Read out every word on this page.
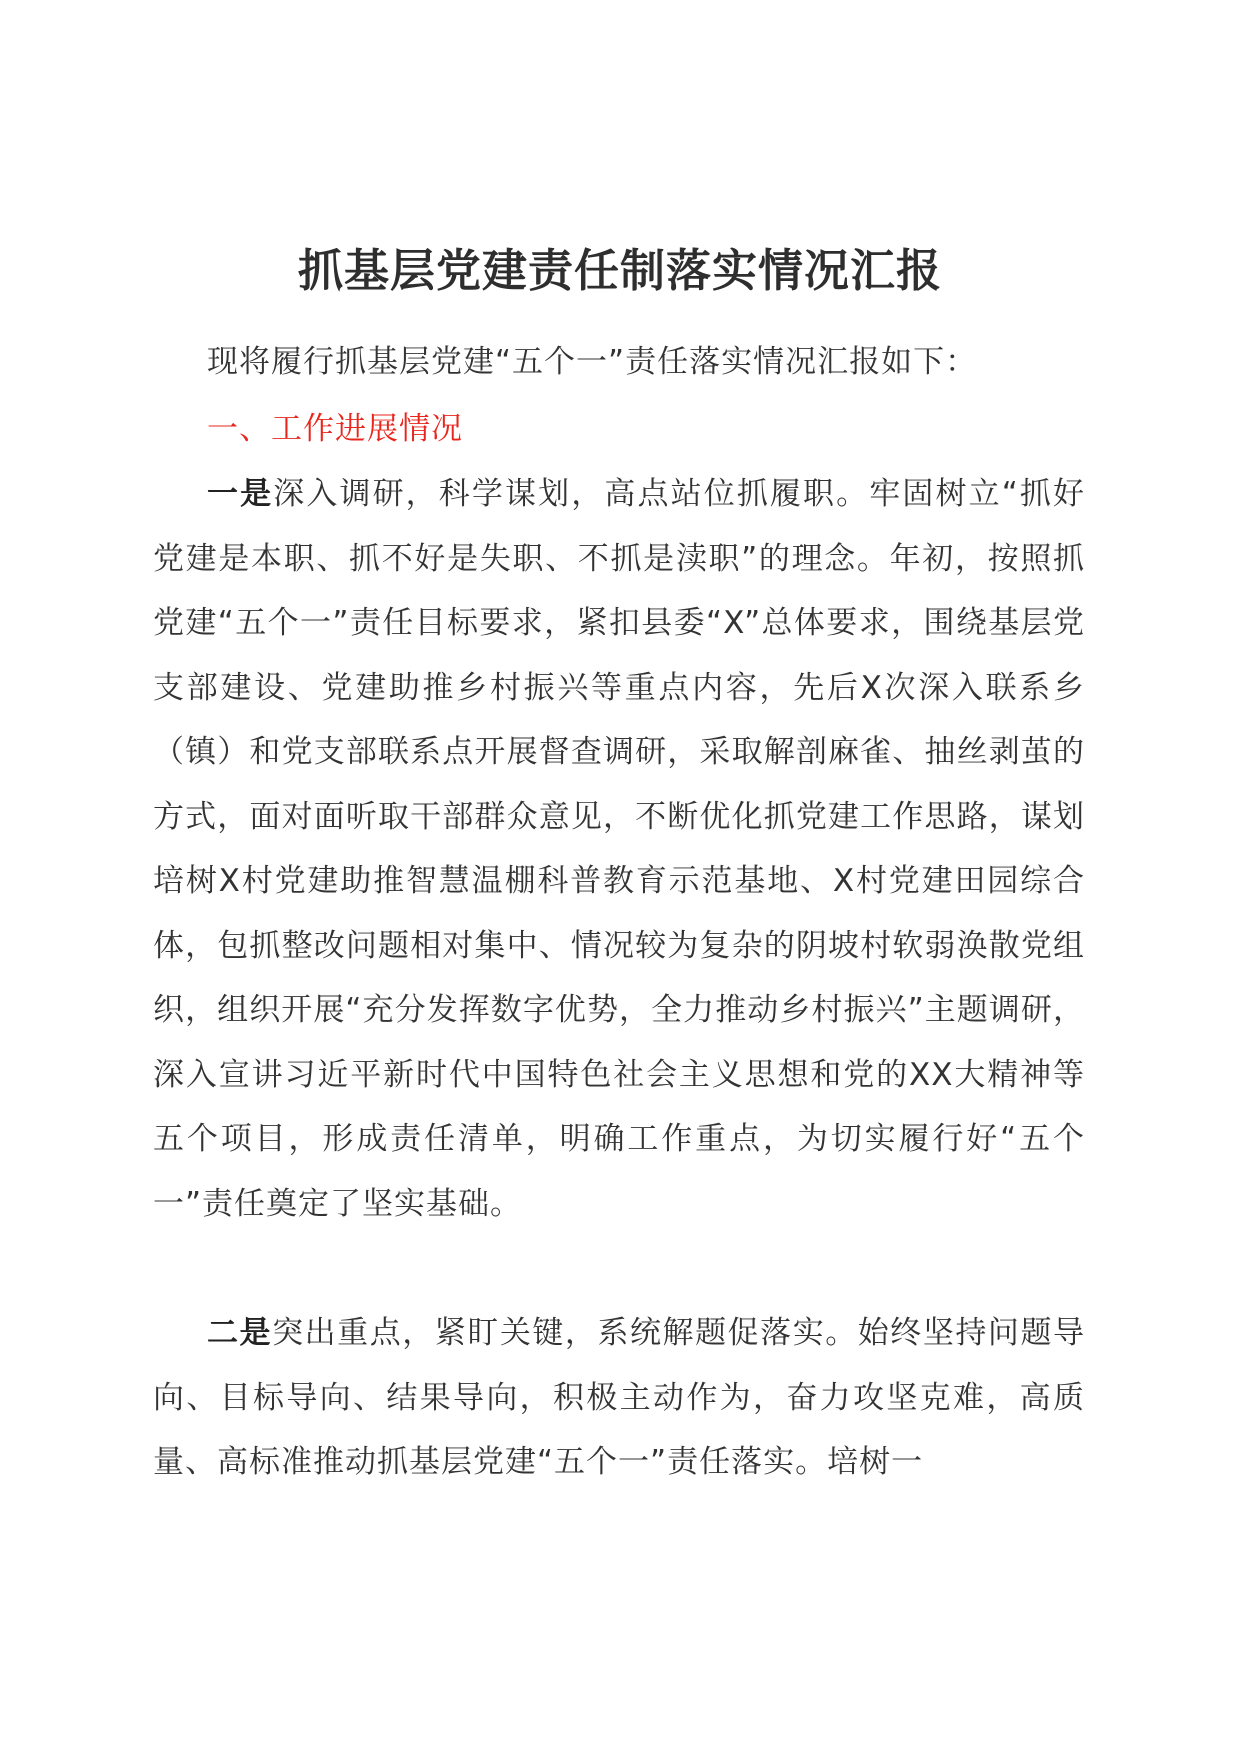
抓基层党建责任制落实情况汇报
现将履行抓基层党建“五个一”责任落实情况汇报如下：
一、工作进展情况
一是深入调研，科学谋划，高点站位抓履职。牢固树立“抓好党建是本职、抓不好是失职、不抓是渎职”的理念。年初，按照抓党建“五个一”责任目标要求，紧扣县委“X”总体要求，围绕基层党支部建设、党建助推乡村振兴等重点内容，先后X次深入联系乡（镇）和党支部联系点开展督查调研，采取解剖麻雀、抽丝剥茧的方式，面对面听取干部群众意见，不断优化抓党建工作思路，谋划培树X村党建助推智慧温棚科普教育示范基地、X村党建田园综合体，包抓整改问题相对集中、情况较为复杂的阴坡村软弱涣散党组织，组织开展“充分发挥数字优势，全力推动乡村振兴”主题调研，深入宣讲习近平新时代中国特色社会主义思想和党的XX大精神等五个项目，形成责任清单，明确工作重点，为切实履行好“五个一”责任奠定了坚实基础。
二是突出重点，紧盯关键，系统解题促落实。始终坚持问题导向、目标导向、结果导向，积极主动作为，奋力攻坚克难，高质量、高标准推动抓基层党建“五个一”责任落实。培树一
